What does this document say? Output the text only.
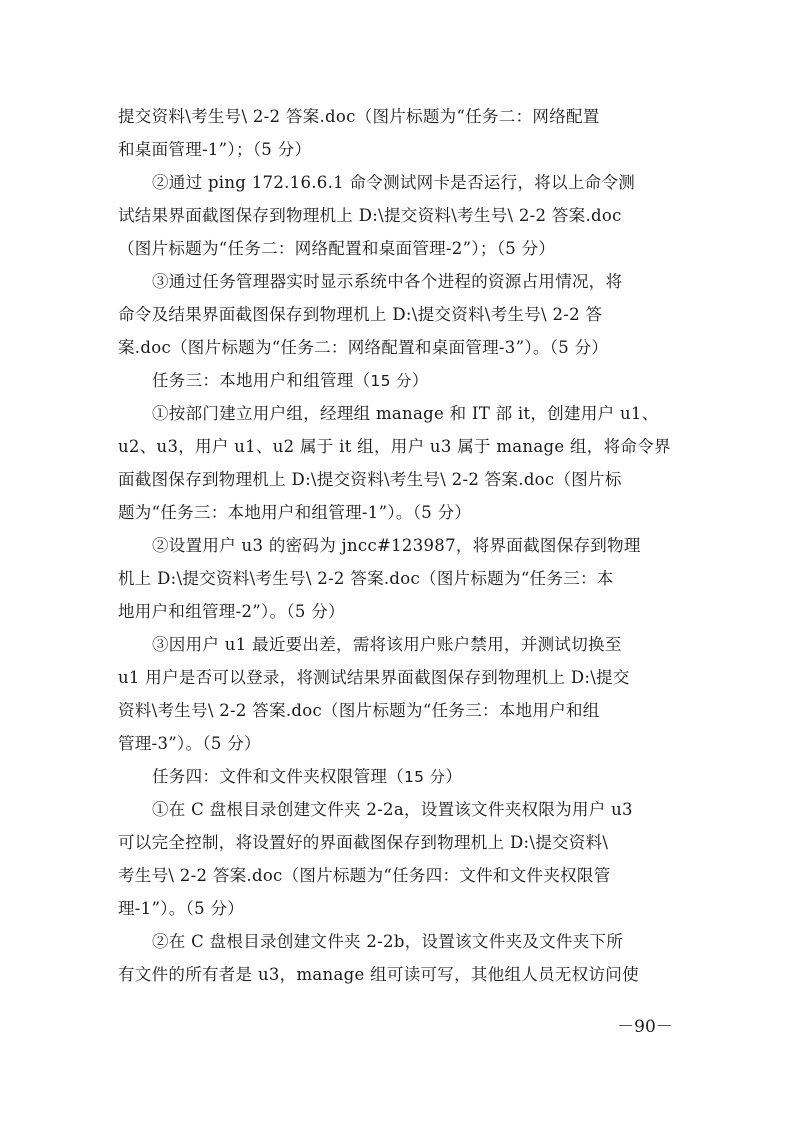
提交资料\考生号\ 2-2 答案.doc（图片标题为“任务二：网络配置
和桌面管理-1”）；（5 分）
②通过 ping 172.16.6.1 命令测试网卡是否运行，将以上命令测
试结果界面截图保存到物理机上 D:\提交资料\考生号\ 2-2 答案.doc
（图片标题为“任务二：网络配置和桌面管理-2”）；（5 分）
③通过任务管理器实时显示系统中各个进程的资源占用情况，将
命令及结果界面截图保存到物理机上 D:\提交资料\考生号\ 2-2 答
案.doc（图片标题为“任务二：网络配置和桌面管理-3”）。（5 分）
任务三：本地用户和组管理（15 分）
①按部门建立用户组，经理组 manage 和 IT 部 it，创建用户 u1、
u2、u3，用户 u1、u2 属于 it 组，用户 u3 属于 manage 组，将命令界
面截图保存到物理机上 D:\提交资料\考生号\ 2-2 答案.doc（图片标
题为“任务三：本地用户和组管理-1”）。（5 分）
②设置用户 u3 的密码为 jncc#123987，将界面截图保存到物理
机上 D:\提交资料\考生号\ 2-2 答案.doc（图片标题为“任务三：本
地用户和组管理-2”）。（5 分）
③因用户 u1 最近要出差，需将该用户账户禁用，并测试切换至
u1 用户是否可以登录，将测试结果界面截图保存到物理机上 D:\提交
资料\考生号\ 2-2 答案.doc（图片标题为“任务三：本地用户和组
管理-3”）。（5 分）
任务四：文件和文件夹权限管理（15 分）
①在 C 盘根目录创建文件夹 2-2a，设置该文件夹权限为用户 u3
可以完全控制，将设置好的界面截图保存到物理机上 D:\提交资料\
考生号\ 2-2 答案.doc（图片标题为“任务四：文件和文件夹权限管
理-1”）。（5 分）
②在 C 盘根目录创建文件夹 2-2b，设置该文件夹及文件夹下所
有文件的所有者是 u3，manage 组可读可写，其他组人员无权访问使
－90－
